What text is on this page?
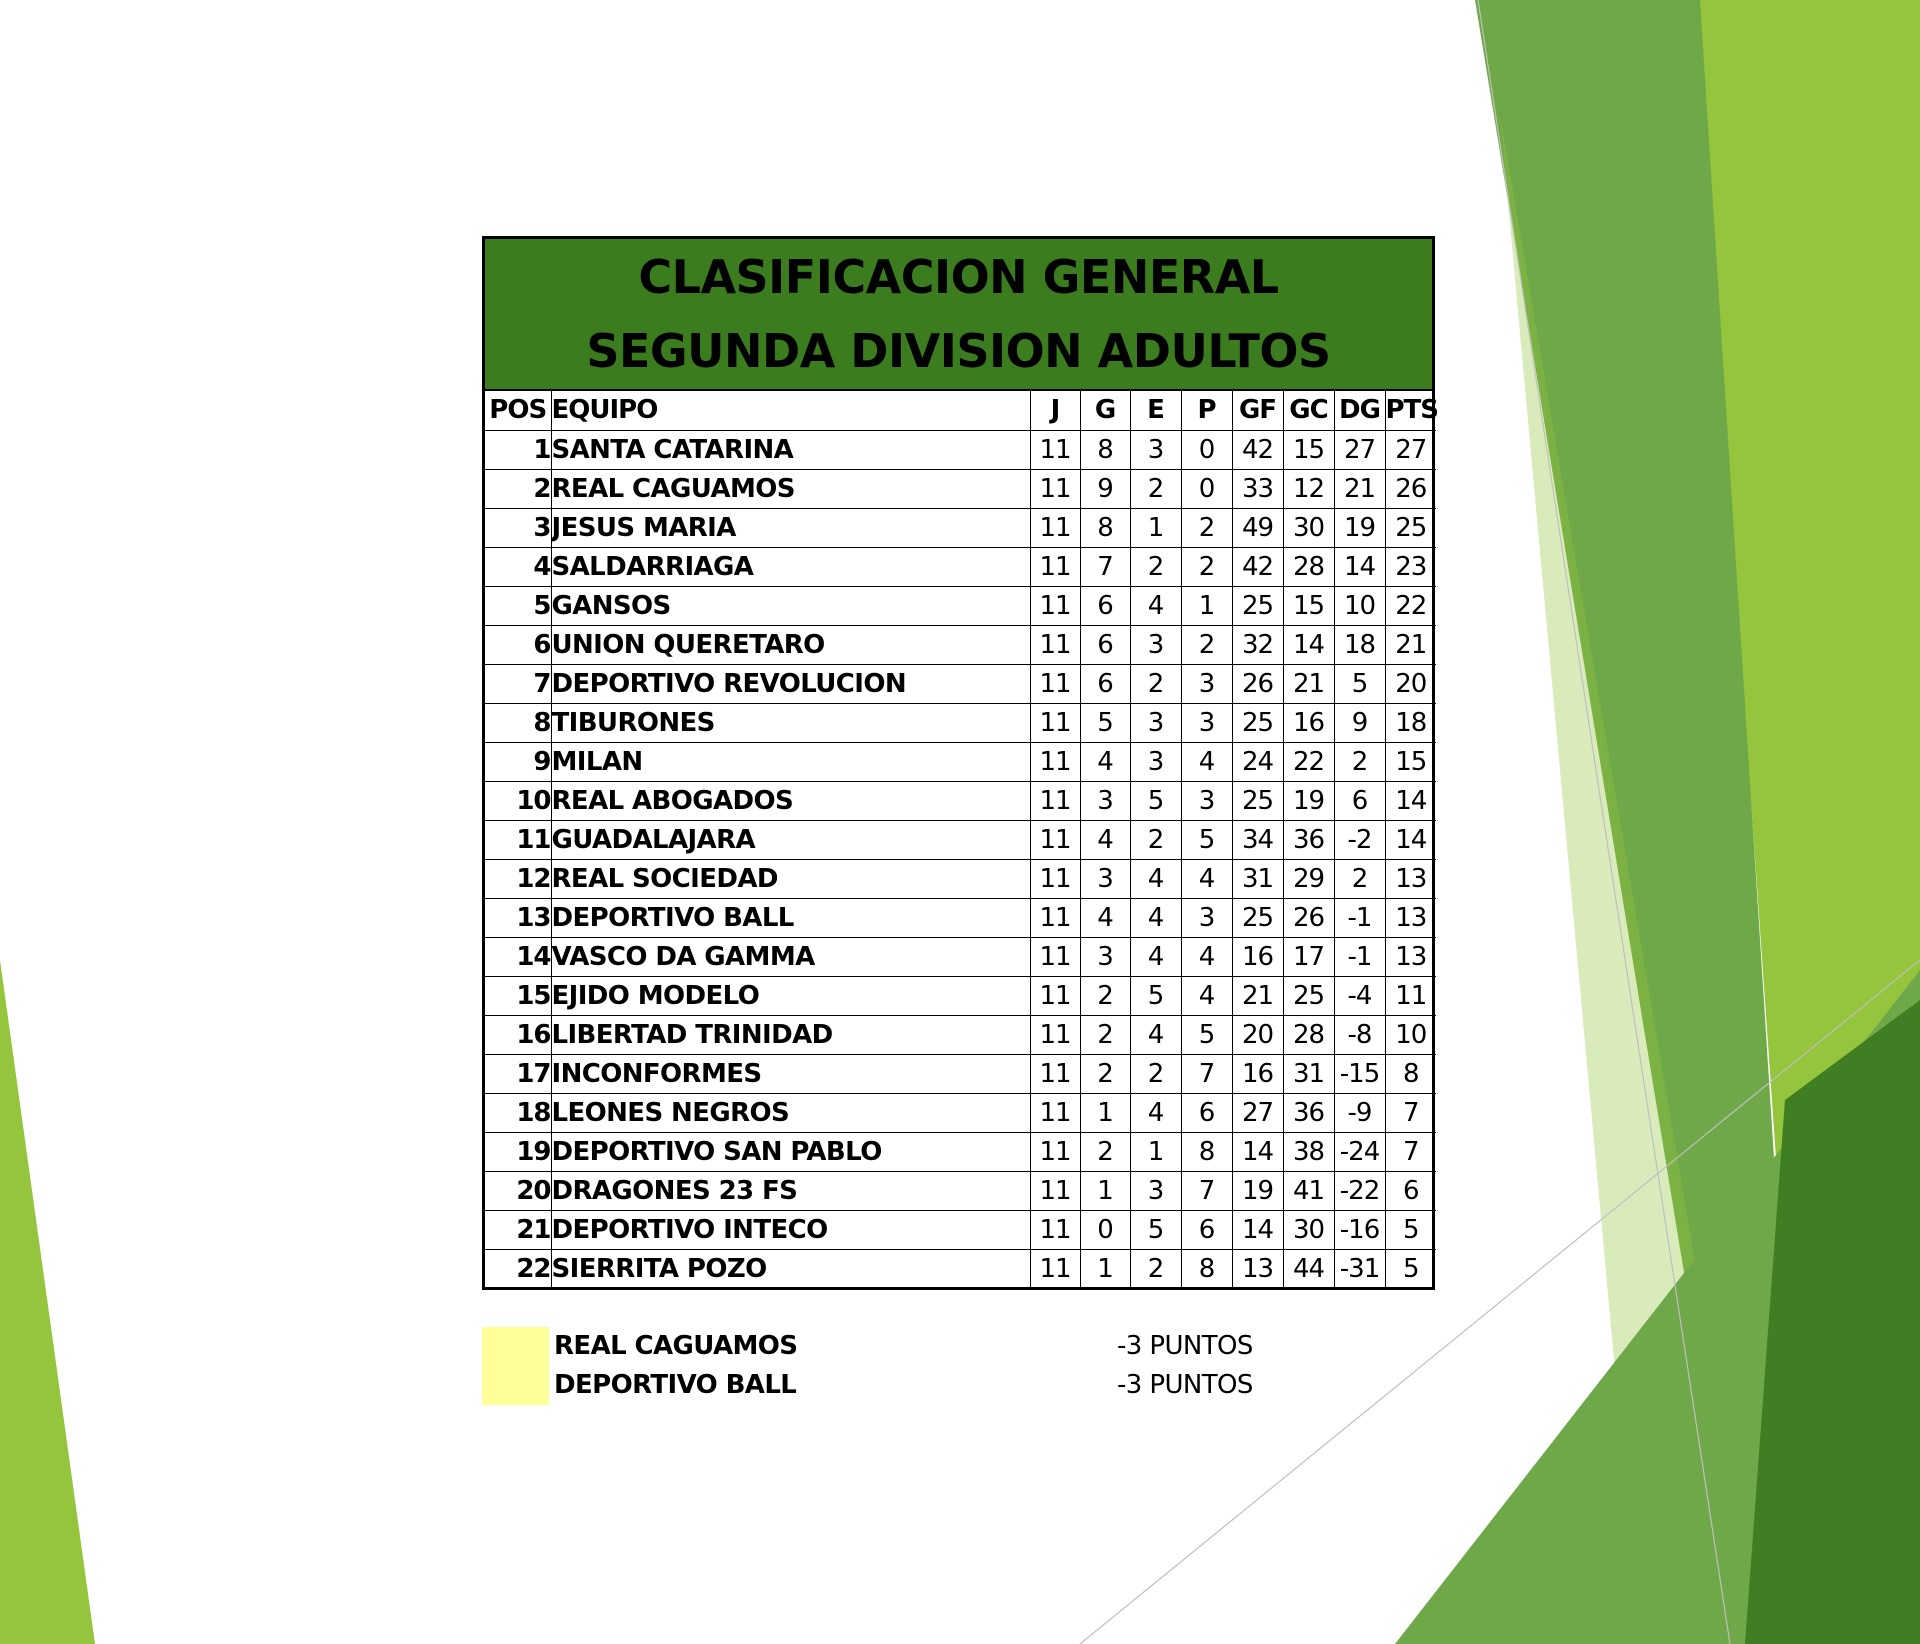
CLASIFICACION GENERAL SEGUNDA DIVISION ADULTOS
POS	EQUIPO	J	G	E	P	GF	GC	DG	PTS
1	SANTA CATARINA	11	8	3	0	42	15	27	27
2	REAL CAGUAMOS	11	9	2	0	33	12	21	26
3	JESUS MARIA	11	8	1	2	49	30	19	25
4	SALDARRIAGA	11	7	2	2	42	28	14	23
5	GANSOS	11	6	4	1	25	15	10	22
6	UNION QUERETARO	11	6	3	2	32	14	18	21
7	DEPORTIVO REVOLUCION	11	6	2	3	26	21	5	20
8	TIBURONES	11	5	3	3	25	16	9	18
9	MILAN	11	4	3	4	24	22	2	15
10	REAL ABOGADOS	11	3	5	3	25	19	6	14
11	GUADALAJARA	11	4	2	5	34	36	-2	14
12	REAL SOCIEDAD	11	3	4	4	31	29	2	13
13	DEPORTIVO BALL	11	4	4	3	25	26	-1	13
14	VASCO DA GAMMA	11	3	4	4	16	17	-1	13
15	EJIDO MODELO	11	2	5	4	21	25	-4	11
16	LIBERTAD TRINIDAD	11	2	4	5	20	28	-8	10
17	INCONFORMES	11	2	2	7	16	31	-15	8
18	LEONES NEGROS	11	1	4	6	27	36	-9	7
19	DEPORTIVO SAN PABLO	11	2	1	8	14	38	-24	7
20	DRAGONES 23 FS	11	1	3	7	19	41	-22	6
21	DEPORTIVO INTECO	11	0	5	6	14	30	-16	5
22	SIERRITA POZO	11	1	2	8	13	44	-31	5
REAL CAGUAMOS	-3 PUNTOS
DEPORTIVO BALL	-3 PUNTOS
